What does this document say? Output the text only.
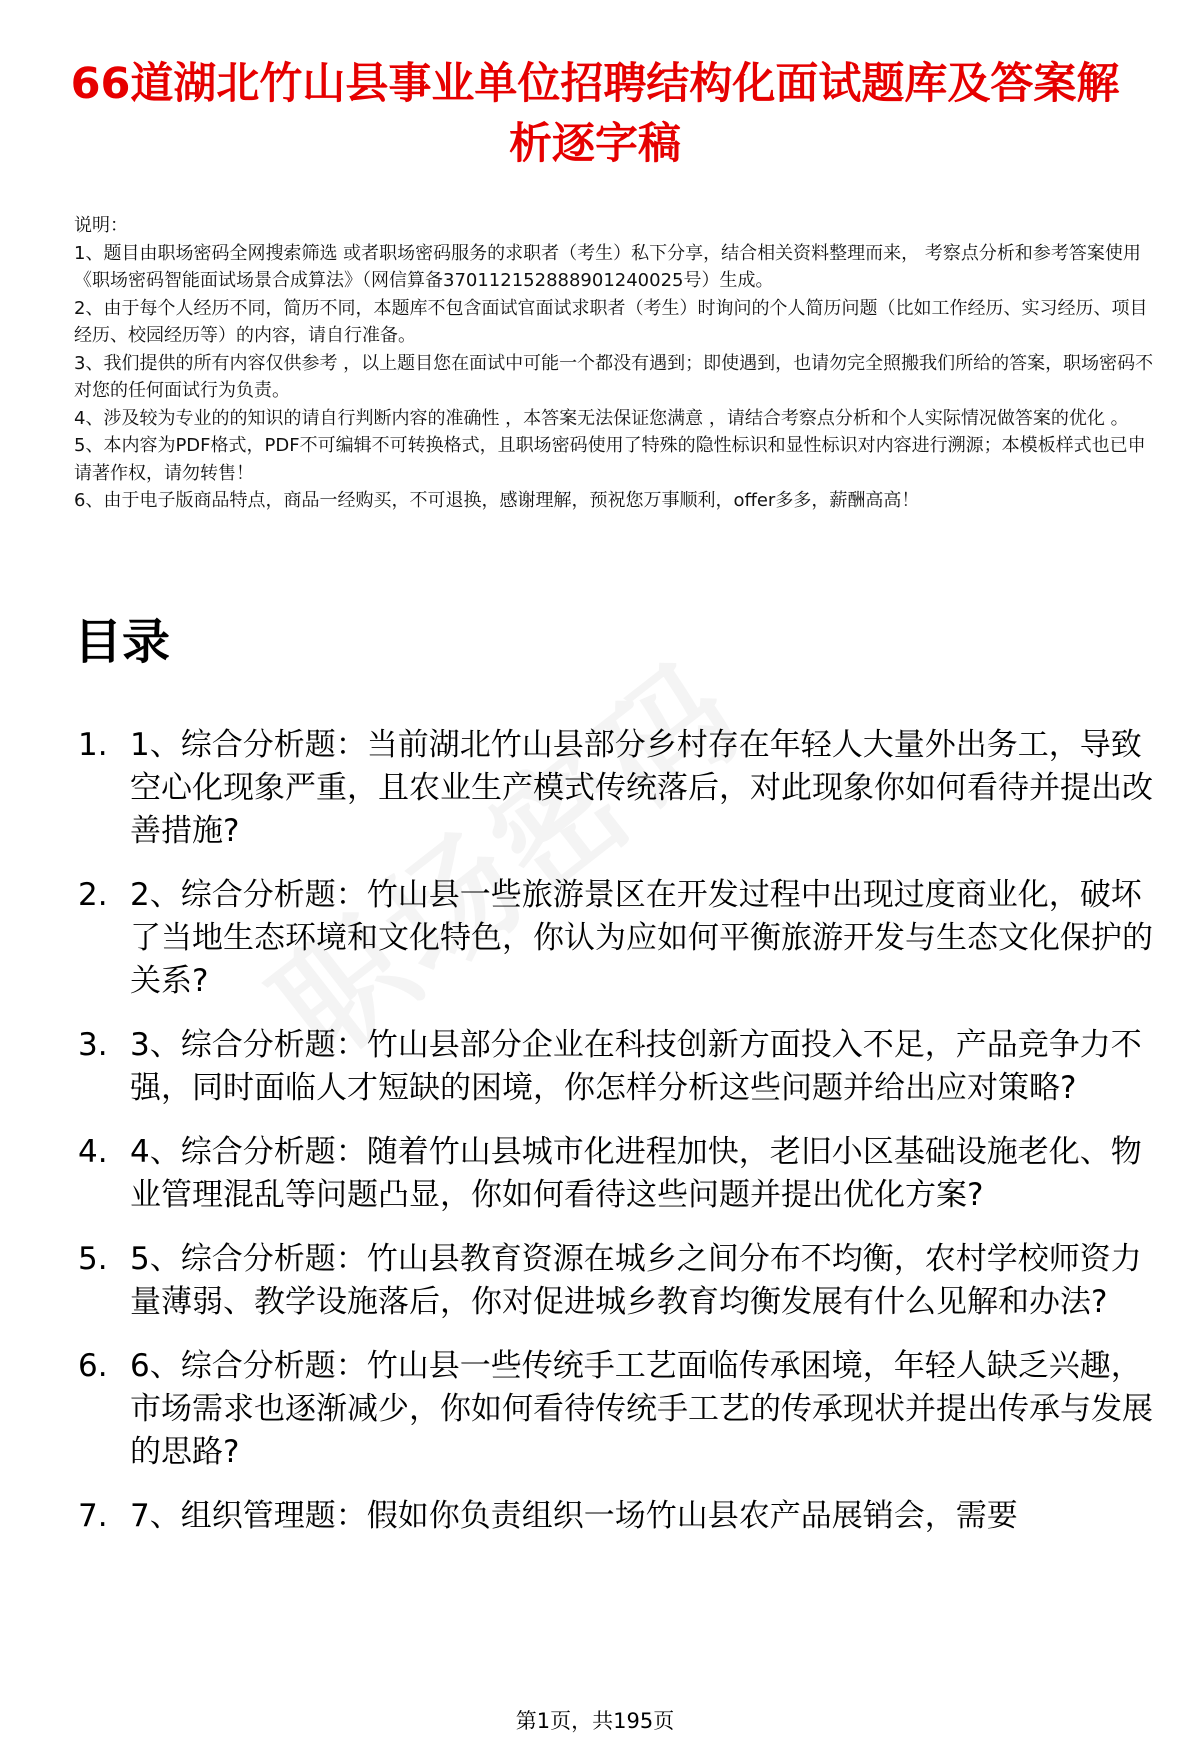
66道湖北竹山县事业单位招聘结构化面试题库及答案解析逐字稿

说明：

1、题目由职场密码全网搜索筛选 或者职场密码服务的求职者（考生）私下分享，结合相关资料整理而来， 考察点分析和参考答案使用《职场密码智能面试场景合成算法》（网信算备370112152888901240025号）生成。

2、由于每个人经历不同，简历不同，本题库不包含面试官面试求职者（考生）时询问的个人简历问题（比如工作经历、实习经历、项目经历、校园经历等）的内容，请自行准备。

3、我们提供的所有内容仅供参考 ，以上题目您在面试中可能一个都没有遇到；即使遇到，也请勿完全照搬我们所给的答案，职场密码不对您的任何面试行为负责。

4、涉及较为专业的的知识的请自行判断内容的准确性 ，本答案无法保证您满意 ，请结合考察点分析和个人实际情况做答案的优化 。

5、本内容为PDF格式，PDF不可编辑不可转换格式，且职场密码使用了特殊的隐性标识和显性标识对内容进行溯源；本模板样式也已申请著作权，请勿转售！

6、由于电子版商品特点，商品一经购买，不可退换，感谢理解，预祝您万事顺利，offer多多，薪酬高高！

目录
1. 1、综合分析题：当前湖北竹山县部分乡村存在年轻人大量外出务工，导致空心化现象严重，且农业生产模式传统落后，对此现象你如何看待并提出改善措施?
2. 2、综合分析题：竹山县一些旅游景区在开发过程中出现过度商业化，破坏了当地生态环境和文化特色，你认为应如何平衡旅游开发与生态文化保护的关系?
3. 3、综合分析题：竹山县部分企业在科技创新方面投入不足，产品竞争力不强，同时面临人才短缺的困境，你怎样分析这些问题并给出应对策略?
4. 4、综合分析题：随着竹山县城市化进程加快，老旧小区基础设施老化、物业管理混乱等问题凸显，你如何看待这些问题并提出优化方案?
5. 5、综合分析题：竹山县教育资源在城乡之间分布不均衡，农村学校师资力量薄弱、教学设施落后，你对促进城乡教育均衡发展有什么见解和办法?
6. 6、综合分析题：竹山县一些传统手工艺面临传承困境，年轻人缺乏兴趣，市场需求也逐渐减少，你如何看待传统手工艺的传承现状并提出传承与发展的思路?
7. 7、组织管理题：假如你负责组织一场竹山县农产品展销会，需要
第1页，共195页
